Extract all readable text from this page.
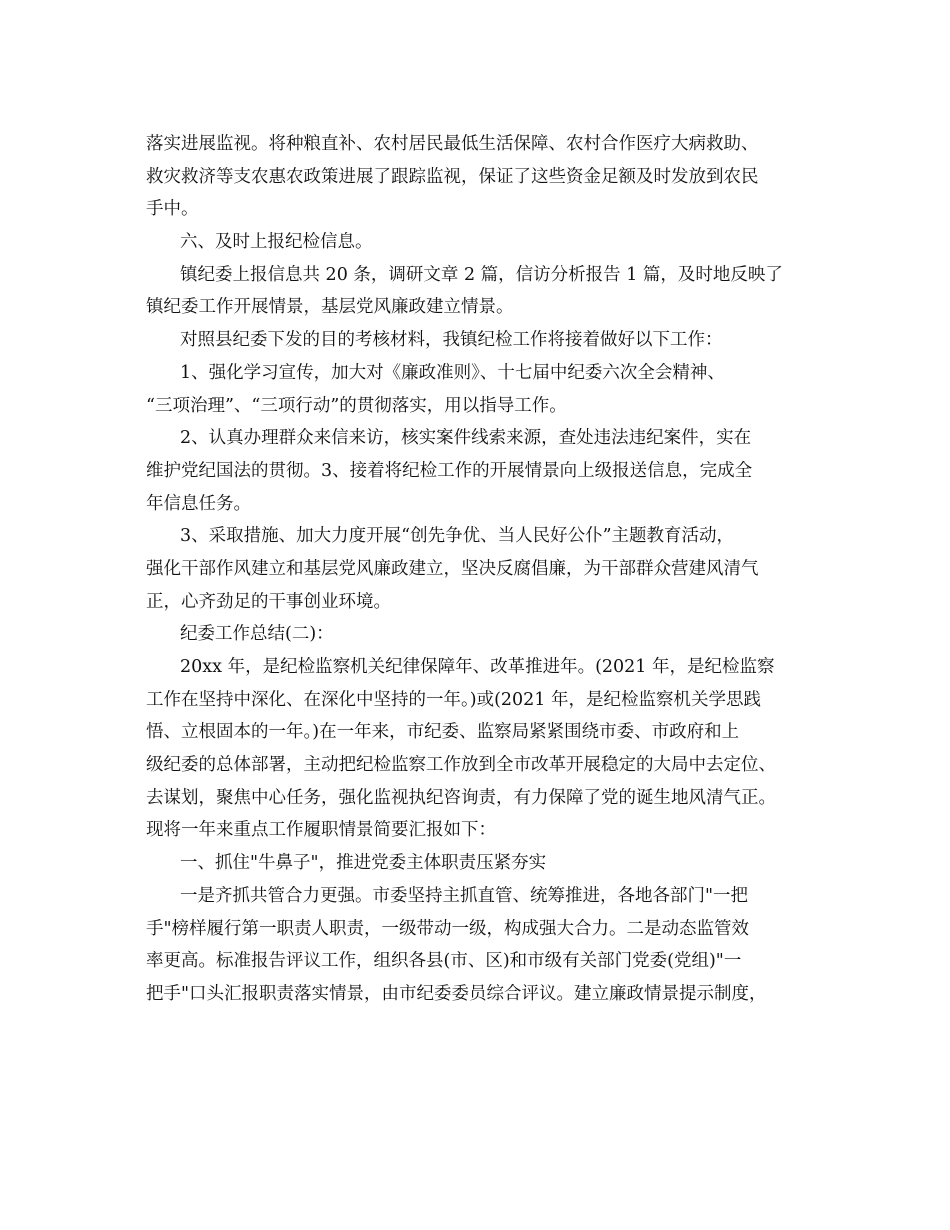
落实进展监视。将种粮直补、农村居民最低生活保障、农村合作医疗大病救助、
救灾救济等支农惠农政策进展了跟踪监视，保证了这些资金足额及时发放到农民
手中。
六、及时上报纪检信息。
镇纪委上报信息共 20 条，调研文章 2 篇，信访分析报告 1 篇，及时地反映了
镇纪委工作开展情景，基层党风廉政建立情景。
对照县纪委下发的目的考核材料，我镇纪检工作将接着做好以下工作：
1、强化学习宣传，加大对《廉政准则》、十七届中纪委六次全会精神、
“三项治理”、“三项行动”的贯彻落实，用以指导工作。
2、认真办理群众来信来访，核实案件线索来源，查处违法违纪案件，实在
维护党纪国法的贯彻。3、接着将纪检工作的开展情景向上级报送信息，完成全
年信息任务。
3、采取措施、加大力度开展“创先争优、当人民好公仆”主题教育活动，
强化干部作风建立和基层党风廉政建立，坚决反腐倡廉，为干部群众营建风清气
正，心齐劲足的干事创业环境。
纪委工作总结(二)：
20xx 年，是纪检监察机关纪律保障年、改革推进年。(2021 年，是纪检监察
工作在坚持中深化、在深化中坚持的一年。)或(2021 年，是纪检监察机关学思践
悟、立根固本的一年。)在一年来，市纪委、监察局紧紧围绕市委、市政府和上
级纪委的总体部署，主动把纪检监察工作放到全市改革开展稳定的大局中去定位、
去谋划，聚焦中心任务，强化监视执纪咨询责，有力保障了党的诞生地风清气正。
现将一年来重点工作履职情景简要汇报如下：
一、抓住"牛鼻子"，推进党委主体职责压紧夯实
一是齐抓共管合力更强。市委坚持主抓直管、统筹推进，各地各部门"一把
手"榜样履行第一职责人职责，一级带动一级，构成强大合力。二是动态监管效
率更高。标准报告评议工作，组织各县(市、区)和市级有关部门党委(党组)"一
把手"口头汇报职责落实情景，由市纪委委员综合评议。建立廉政情景提示制度，
